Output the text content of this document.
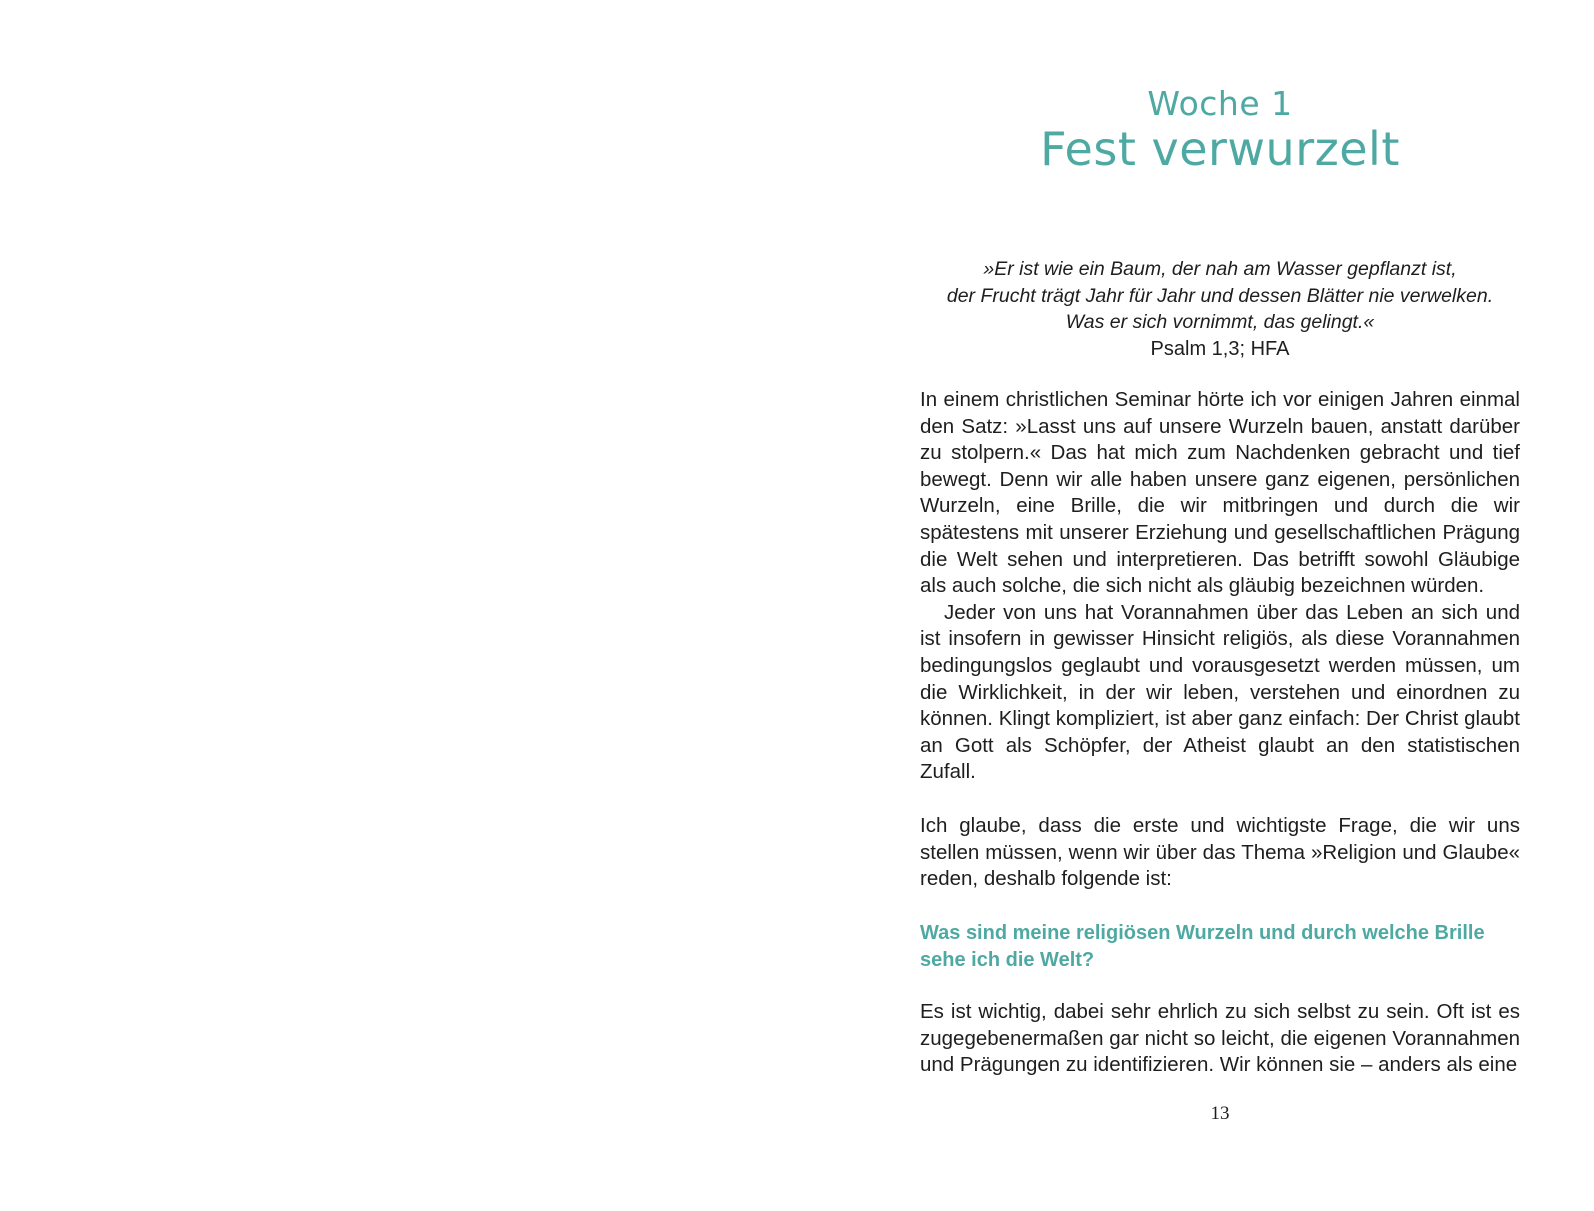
Woche 1
Fest verwurzelt
»Er ist wie ein Baum, der nah am Wasser gepflanzt ist,
der Frucht trägt Jahr für Jahr und dessen Blätter nie verwelken.
Was er sich vornimmt, das gelingt.«
Psalm 1,3; HFA
In einem christlichen Seminar hörte ich vor einigen Jahren einmal den Satz: »Lasst uns auf unsere Wurzeln bauen, anstatt darüber zu stolpern.« Das hat mich zum Nachdenken gebracht und tief bewegt. Denn wir alle haben unsere ganz eigenen, persönlichen Wurzeln, eine Brille, die wir mitbringen und durch die wir spätestens mit unserer Erziehung und gesellschaftlichen Prägung die Welt sehen und interpretieren. Das betrifft sowohl Gläubige als auch solche, die sich nicht als gläubig bezeichnen würden.
Jeder von uns hat Vorannahmen über das Leben an sich und ist insofern in gewisser Hinsicht religiös, als diese Vorannahmen bedingungslos geglaubt und vorausgesetzt werden müssen, um die Wirklichkeit, in der wir leben, verstehen und einordnen zu können. Klingt kompliziert, ist aber ganz einfach: Der Christ glaubt an Gott als Schöpfer, der Atheist glaubt an den statistischen Zufall.

Ich glaube, dass die erste und wichtigste Frage, die wir uns stellen müssen, wenn wir über das Thema »Religion und Glaube« reden, deshalb folgende ist:

Was sind meine religiösen Wurzeln und durch welche Brille sehe ich die Welt?

Es ist wichtig, dabei sehr ehrlich zu sich selbst zu sein. Oft ist es zugegebenermaßen gar nicht so leicht, die eigenen Vorannahmen und Prägungen zu identifizieren. Wir können sie – anders als eine

13
